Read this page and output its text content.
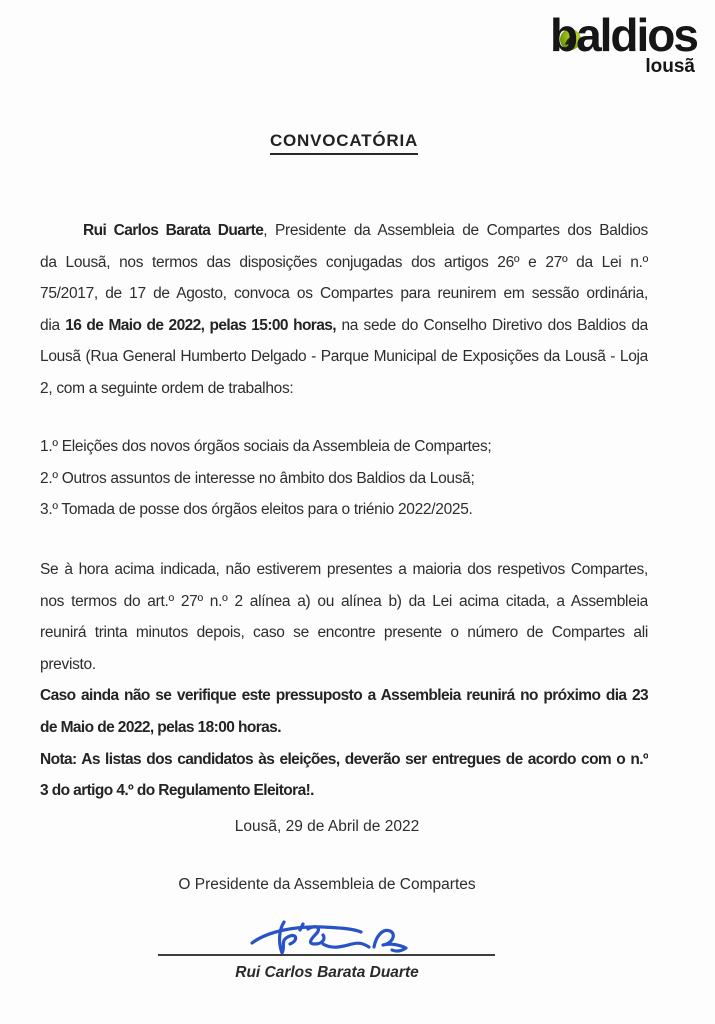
baldios
lousã
CONVOCATÓRIA
Rui Carlos Barata Duarte, Presidente da Assembleia de Compartes dos Baldios
da Lousã, nos termos das disposições conjugadas dos artigos 26º e 27º da Lei n.º
75/2017, de 17 de Agosto, convoca os Compartes para reunirem em sessão ordinária,
dia 16 de Maio de 2022, pelas 15:00 horas, na sede do Conselho Diretivo dos Baldios da
Lousã (Rua General Humberto Delgado - Parque Municipal de Exposições da Lousã - Loja
2, com a seguinte ordem de trabalhos:
1.º Eleições dos novos órgãos sociais da Assembleia de Compartes;
2.º Outros assuntos de interesse no âmbito dos Baldios da Lousã;
3.º Tomada de posse dos órgãos eleitos para o triénio 2022/2025.
Se à hora acima indicada, não estiverem presentes a maioria dos respetivos Compartes,
nos termos do art.º 27º n.º 2 alínea a) ou alínea b) da Lei acima citada, a Assembleia
reunirá trinta minutos depois, caso se encontre presente o número de Compartes ali
previsto.
Caso ainda não se verifique este pressuposto a Assembleia reunirá no próximo dia 23
de Maio de 2022, pelas 18:00 horas.
Nota: As listas dos candidatos às eleições, deverão ser entregues de acordo com o n.º
3 do artigo 4.º do Regulamento Eleitora!.
Lousã, 29 de Abril de 2022
O Presidente da Assembleia de Compartes
Rui Carlos Barata Duarte
